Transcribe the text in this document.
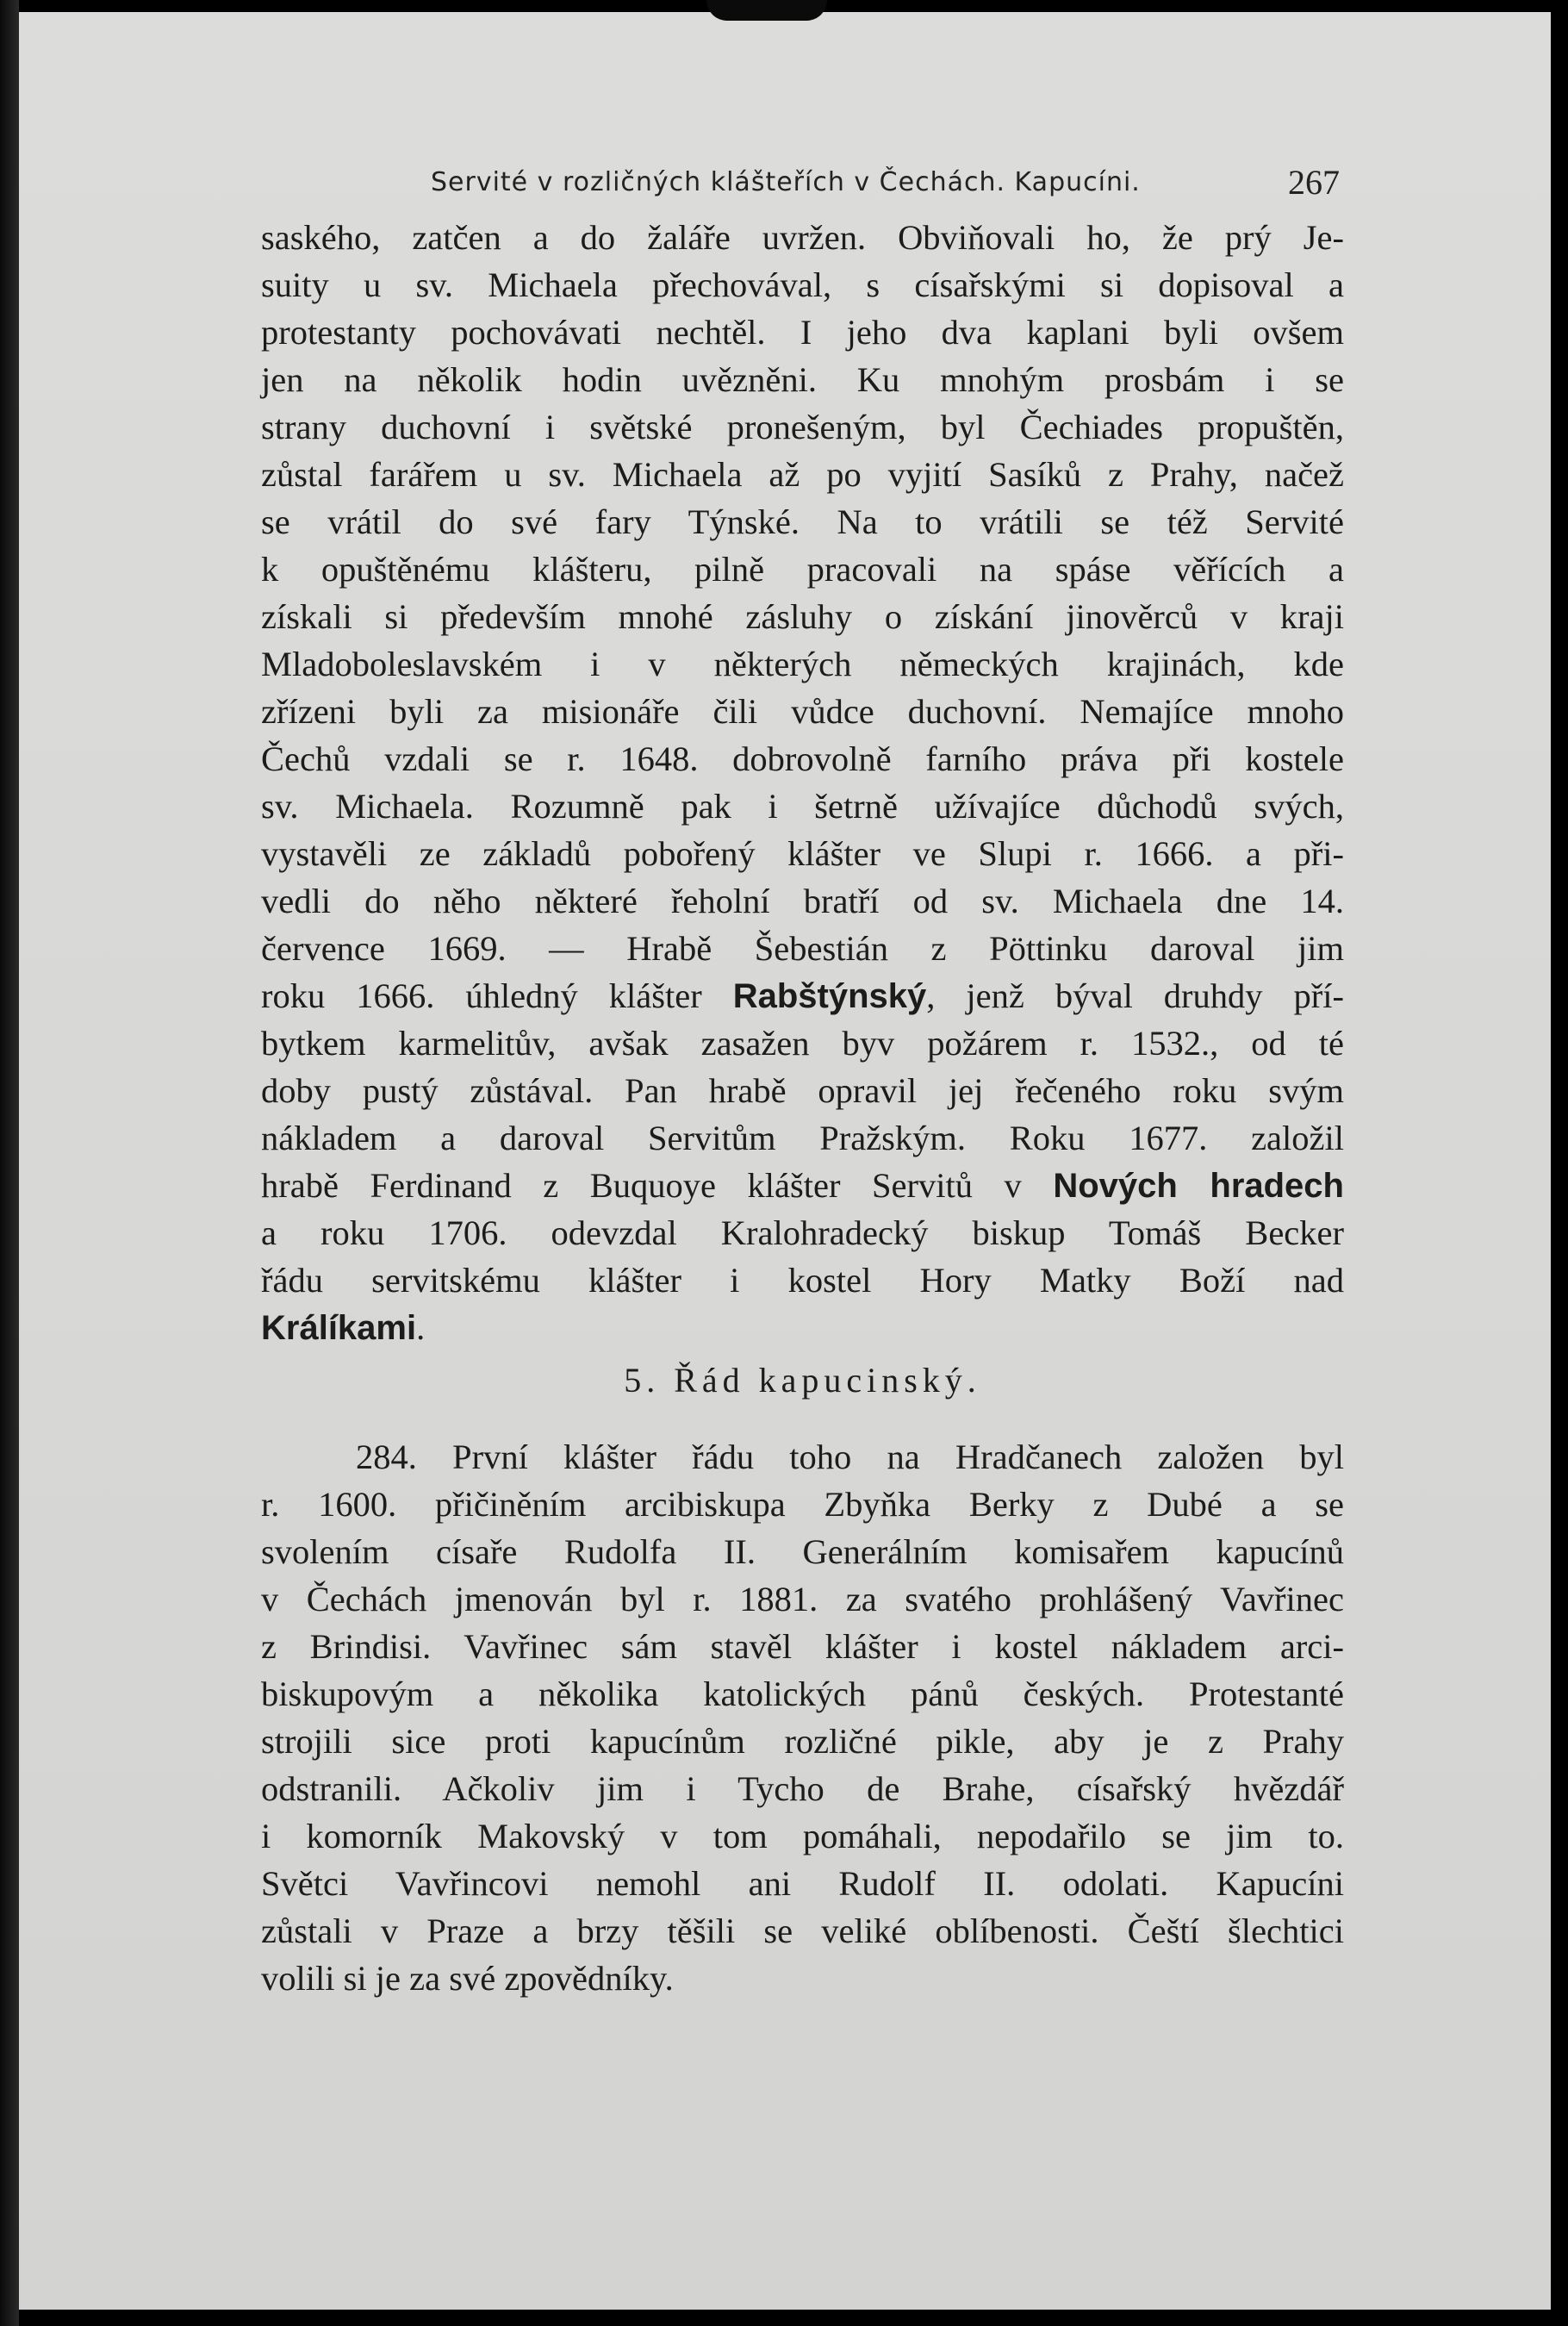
Servité v rozličných klášteřích v Čechách. Kapucíni.	267
saského, zatčen a do žaláře uvržen. Obviňovali ho, že prý Je-
suity u sv. Michaela přechovával, s císařskými si dopisoval a
protestanty pochovávati nechtěl. I jeho dva kaplani byli ovšem
jen na několik hodin uvězněni. Ku mnohým prosbám i se
strany duchovní i světské pronešeným, byl Čechiades propuštěn,
zůstal farářem u sv. Michaela až po vyjití Sasíků z Prahy, načež
se vrátil do své fary Týnské. Na to vrátili se též Servité
k opuštěnému klášteru, pilně pracovali na spáse věřících a
získali si především mnohé zásluhy o získání jinověrců v kraji
Mladoboleslavském i v některých německých krajinách, kde
zřízeni byli za misionáře čili vůdce duchovní. Nemajíce mnoho
Čechů vzdali se r. 1648. dobrovolně farního práva při kostele
sv. Michaela. Rozumně pak i šetrně užívajíce důchodů svých,
vystavěli ze základů pobořený klášter ve Slupi r. 1666. a při-
vedli do něho některé řeholní bratří od sv. Michaela dne 14.
července 1669. — Hrabě Šebestián z Pöttinku daroval jim
roku 1666. úhledný klášter Rabštýnský, jenž býval druhdy pří-
bytkem karmelitův, avšak zasažen byv požárem r. 1532., od té
doby pustý zůstával. Pan hrabě opravil jej řečeného roku svým
nákladem a daroval Servitům Pražským. Roku 1677. založil
hrabě Ferdinand z Buquoye klášter Servitů v Nových hradech
a roku 1706. odevzdal Kralohradecký biskup Tomáš Becker
řádu servitskému klášter i kostel Hory Matky Boží nad
Králíkami.
5. Řád kapucinský.
284. První klášter řádu toho na Hradčanech založen byl
r. 1600. přičiněním arcibiskupa Zbyňka Berky z Dubé a se
svolením císaře Rudolfa II. Generálním komisařem kapucínů
v Čechách jmenován byl r. 1881. za svatého prohlášený Vavřinec
z Brindisi. Vavřinec sám stavěl klášter i kostel nákladem arci-
biskupovým a několika katolických pánů českých. Protestanté
strojili sice proti kapucínům rozličné pikle, aby je z Prahy
odstranili. Ačkoliv jim i Tycho de Brahe, císařský hvězdář
i komorník Makovský v tom pomáhali, nepodařilo se jim to.
Světci Vavřincovi nemohl ani Rudolf II. odolati. Kapucíni
zůstali v Praze a brzy těšili se veliké oblíbenosti. Čeští šlechtici
volili si je za své zpovědníky.
